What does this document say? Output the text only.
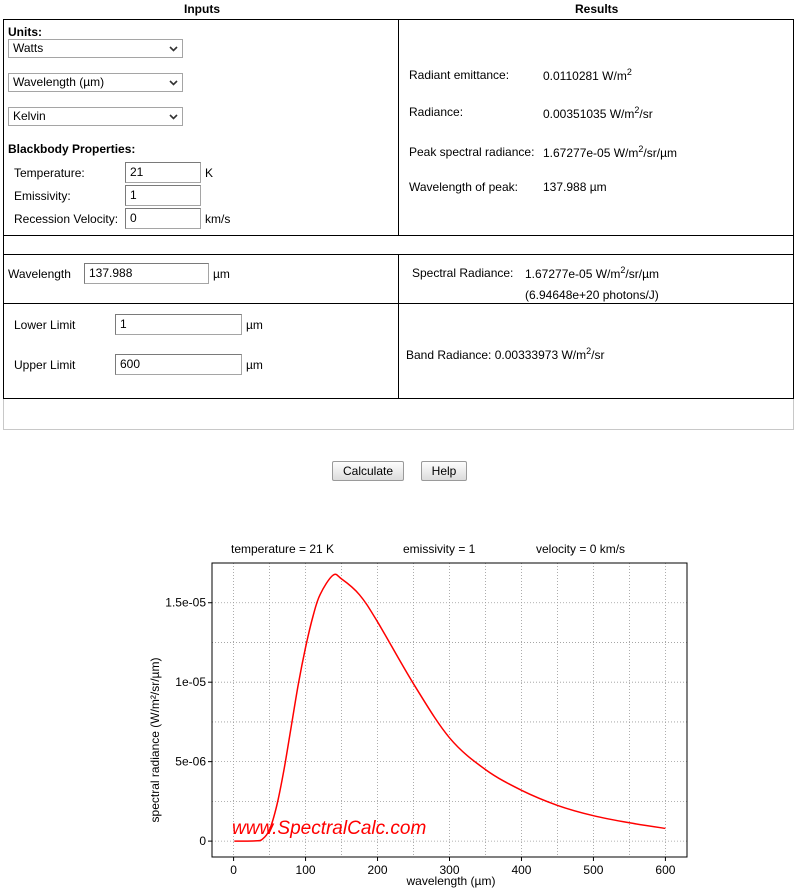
Inputs	Results
Units:
Watts
Wavelength (µm)
Kelvin
Blackbody Properties:
Temperature:	21	K
Emissivity:	1
Recession Velocity: 0	km/s
Radiant emittance:	0.0110281 $W/m^2$
Radiance:	0.00351035 $W/m^2/sr$
Peak spectral radiance: 1.67277e-05 $W/m^2/sr/\mu m$
Wavelength of peak: 137.988 µm
Wavelength	137.988	µm	Spectral Radiance: 1.67277e-05 $W/m^2/sr/\mu m$
(6.94648e+20 photons/J)
Lower Limit	1	µm
Upper Limit	600	µm
Band Radiance: 0.00333973 $W/m^2/sr$
Calculate	Help
0	100	200	300	400	500	600
0
5e-06
1e-05
1.5e-05
temperature = 21 K	emissivity = 1	velocity = 0 km/s
www.SpectralCalc.com
wavelength (µm)
spectral radiance (W/m²/sr/µm)
